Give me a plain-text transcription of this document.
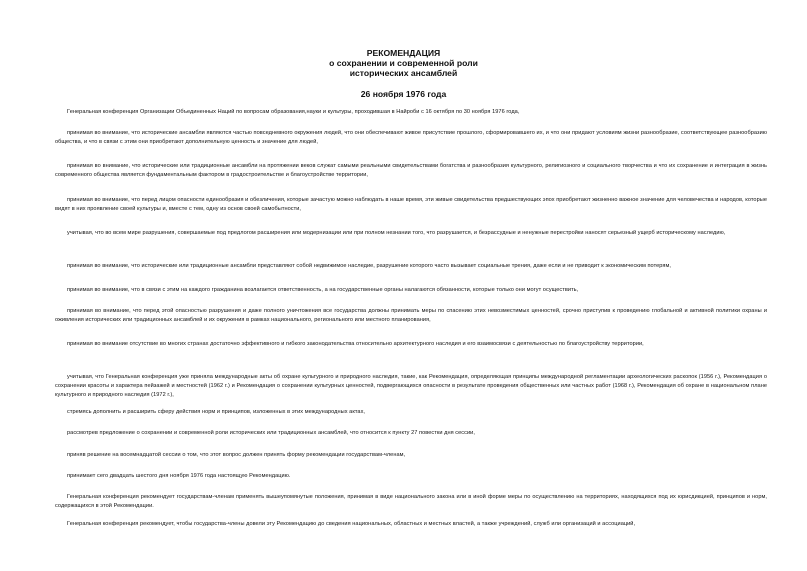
РЕКОМЕНДАЦИЯ
о сохранении и современной роли
исторических ансамблей
26 ноября 1976 года

Генеральная конференция Организации Объединенных Наций по вопросам образования,науки и культуры, проходившая в Найроби с 16 октября по 30 ноября 1976 года,

принимая во внимание, что исторические ансамбли являются частью повседневного окружения людей, что они обеспечивают живое присутствие прошлого, сформировавшего их, и что они придают условиям жизни разнообразие, соответствующее разнообразию общества, и что в связи с этим они приобретают дополнительную ценность и значение для людей,

принимая во внимание, что исторические или традиционные ансамбли на протяжении веков служат самыми реальными свидетельствами богатства и разнообразия культурного, религиозного и социального творчества и что их сохранение и интеграция в жизнь современного общества является фундаментальным фактором в градостроительстве и благоустройстве территории,

принимая во внимание, что перед лицом опасности единообразия и обезличения, которые зачастую можно наблюдать в наше время, эти живые свидетельства предшествующих эпох приобретают жизненно важное значение для человечества и народов, которые видят в них проявление своей культуры и, вместе с тем, одну из основ своей самобытности,

учитывая, что во всем мире разрушения, совершаемые под предлогом расширения или модернизации или при полном незнании того, что разрушается, и безрассудные и ненужные перестройки наносят серьезный ущерб историческому наследию,

принимая во внимание, что исторические или традиционные ансамбли представляют собой недвижимое наследие, разрушение которого часто вызывает социальные трения, даже если и не приводит к экономическим потерям,

принимая во внимание, что в связи с этим на каждого гражданина возлагается ответственность, а на государственные органы налагаются обязанности, которые только они могут осуществить,

принимая во внимание, что перед этой опасностью разрушения и даже полного уничтожения все государства должны принимать меры по спасению этих невозместимых ценностей, срочно приступив к проведению глобальной и активной политики охраны и оживления исторических или традиционных ансамблей и их окружения в рамках национального, регионального или местного планирования,

принимая во внимание отсутствие во многих странах достаточно эффективного и гибкого законодательства относительно архитектурного наследия и его взаимосвязи с деятельностью по благоустройству территории,

учитывая, что Генеральная конференция уже приняла международные акты об охране культурного и природного наследия, такие, как Рекомендация, определяющая принципы международной регламентации археологических раскопок (1956 г.), Рекомендация о сохранении красоты и характера пейзажей и местностей (1962 г.) и Рекомендация о сохранении культурных ценностей, подвергающихся опасности в результате проведения общественных или частных работ (1968 г.), Рекомендация об охране в национальном плане культурного и природного наследия (1972 г.),

стремясь дополнить и расширить сферу действия норм и принципов, изложенных в этих международных актах,

рассмотрев предложение о сохранении и современной роли исторических или традиционных ансамблей, что относится к пункту 27 повестки дня сессии,

приняв решение на восемнадцатой сессии о том, что этот вопрос должен принять форму рекомендации государствам-членам,

принимает сего двадцать шестого дня ноября 1976 года настоящую Рекомендацию.

Генеральная конференция рекомендует государствам-членам применять вышеупомянутые положения, принимая в виде национального закона или в иной форме меры по осуществлению на территориях, находящихся под их юрисдикцией, принципов и норм, содержащихся в этой Рекомендации.

Генеральная конференция рекомендует, чтобы государства-члены довели эту Рекомендацию до сведения национальных, областных и местных властей, а также учреждений, служб или организаций и ассоциаций,
